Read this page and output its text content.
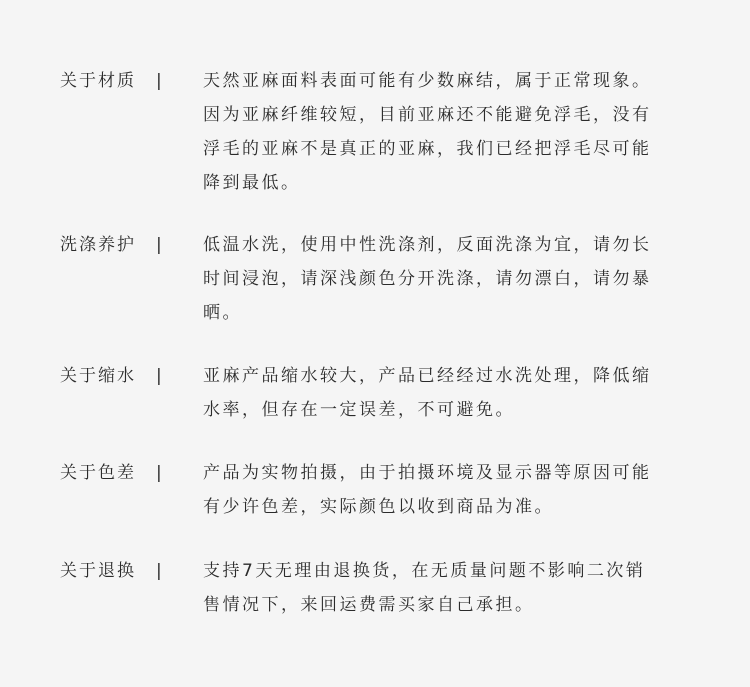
关于材质 | 天然亚麻面料表面可能有少数麻结，属于正常现象。
因为亚麻纤维较短，目前亚麻还不能避免浮毛，没有
浮毛的亚麻不是真正的亚麻，我们已经把浮毛尽可能
降到最低。

洗涤养护 | 低温水洗，使用中性洗涤剂，反面洗涤为宜，请勿长
时间浸泡，请深浅颜色分开洗涤，请勿漂白，请勿暴
晒。

关于缩水 | 亚麻产品缩水较大，产品已经经过水洗处理，降低缩
水率，但存在一定误差，不可避免。

关于色差 | 产品为实物拍摄，由于拍摄环境及显示器等原因可能
有少许色差，实际颜色以收到商品为准。

关于退换 | 支持7天无理由退换货，在无质量问题不影响二次销
售情况下，来回运费需买家自己承担。
